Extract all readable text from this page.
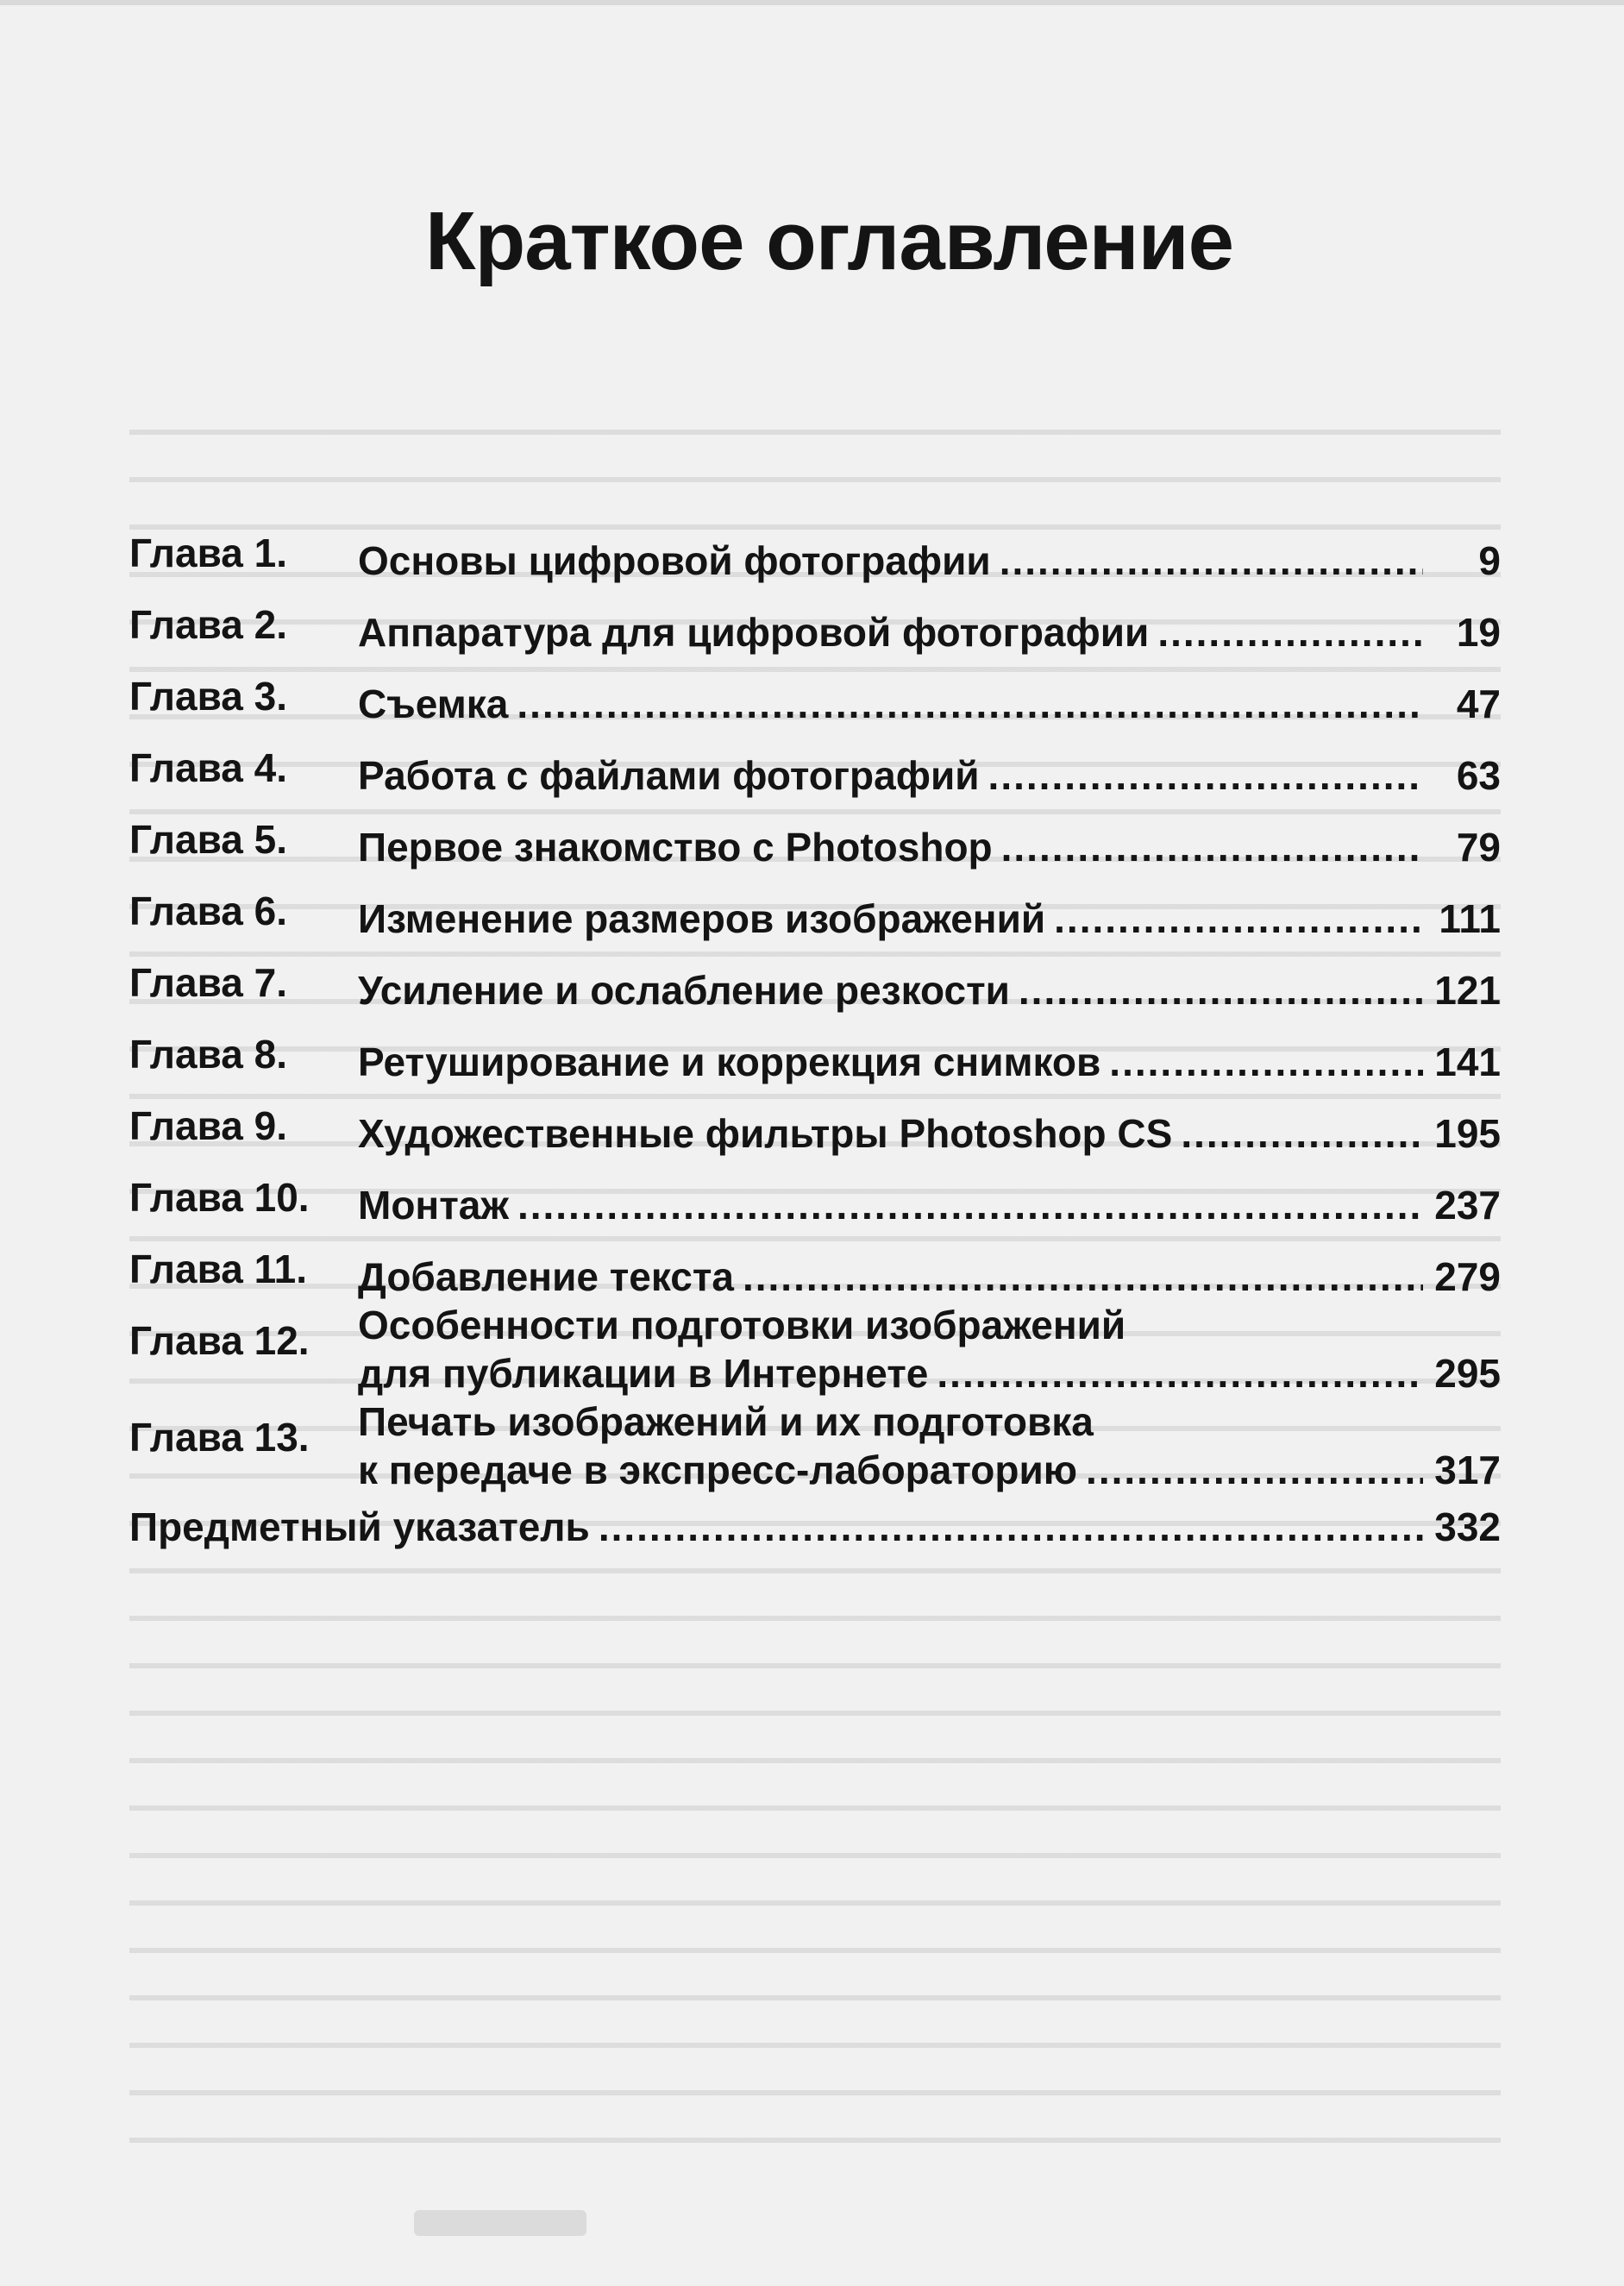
Краткое оглавление
Глава 1.	Основы цифровой фотографии .....	9
Глава 2.	Аппаратура для цифровой фотографии .....	19
Глава 3.	Съемка .....	47
Глава 4.	Работа с файлами фотографий .....	63
Глава 5.	Первое знакомство с Photoshop .....	79
Глава 6.	Изменение размеров изображений .....	111
Глава 7.	Усиление и ослабление резкости .....	121
Глава 8.	Ретуширование и коррекция снимков .....	141
Глава 9.	Художественные фильтры Photoshop CS .....	195
Глава 10.	Монтаж .....	237
Глава 11.	Добавление текста .....	279
Глава 12.	Особенности подготовки изображений
для публикации в Интернете .....	295
Глава 13.	Печать изображений и их подготовка
к передаче в экспресс-лабораторию .....	317
Предметный указатель .....	332
